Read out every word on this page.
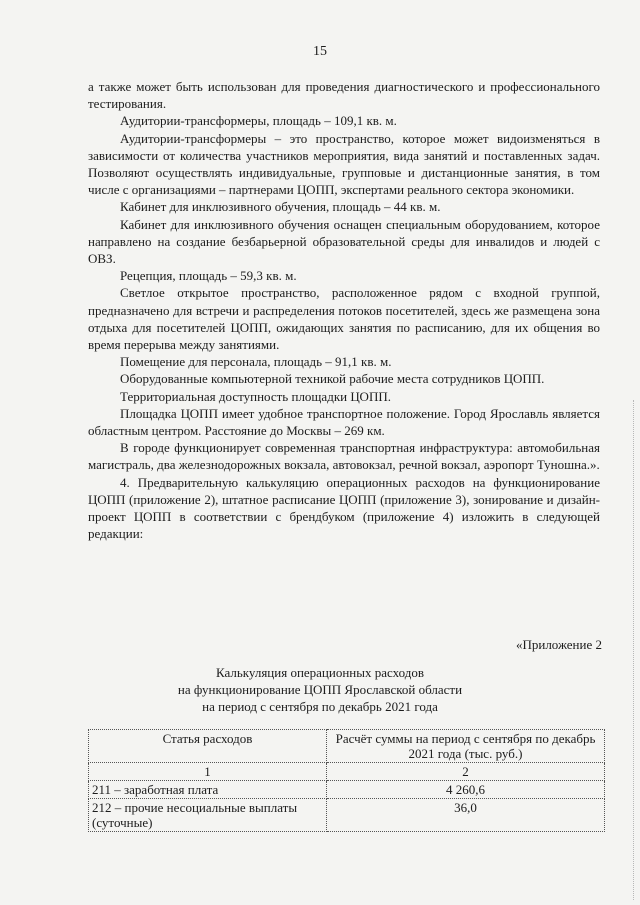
15

а также может быть использован для проведения диагностического и профессионального тестирования.

Аудитории-трансформеры, площадь – 109,1 кв. м.

Аудитории-трансформеры – это пространство, которое может видоизменяться в зависимости от количества участников мероприятия, вида занятий и поставленных задач. Позволяют осуществлять индивидуальные, групповые и дистанционные занятия, в том числе с организациями – партнерами ЦОПП, экспертами реального сектора экономики.

Кабинет для инклюзивного обучения, площадь – 44 кв. м.

Кабинет для инклюзивного обучения оснащен специальным оборудованием, которое направлено на создание безбарьерной образовательной среды для инвалидов и людей с ОВЗ.

Рецепция, площадь – 59,3 кв. м.

Светлое открытое пространство, расположенное рядом с входной группой, предназначено для встречи и распределения потоков посетителей, здесь же размещена зона отдыха для посетителей ЦОПП, ожидающих занятия по расписанию, для их общения во время перерыва между занятиями.

Помещение для персонала, площадь – 91,1 кв. м.

Оборудованные компьютерной техникой рабочие места сотрудников ЦОПП.

Территориальная доступность площадки ЦОПП.

Площадка ЦОПП имеет удобное транспортное положение. Город Ярославль является областным центром. Расстояние до Москвы – 269 км.

В городе функционирует современная транспортная инфраструктура: автомобильная магистраль, два железнодорожных вокзала, автовокзал, речной вокзал, аэропорт Туношна.».

4. Предварительную калькуляцию операционных расходов на функционирование ЦОПП (приложение 2), штатное расписание ЦОПП (приложение 3), зонирование и дизайн-проект ЦОПП в соответствии с брендбуком (приложение 4) изложить в следующей редакции:

«Приложение 2
Калькуляция операционных расходов
на функционирование ЦОПП Ярославской области
на период с сентября по декабрь 2021 года
Статья расходов	Расчёт суммы на период с сентября по декабрь 2021 года (тыс. руб.)
1	2
211 – заработная плата	4 260,6
212 – прочие несоциальные выплаты (суточные)	36,0
